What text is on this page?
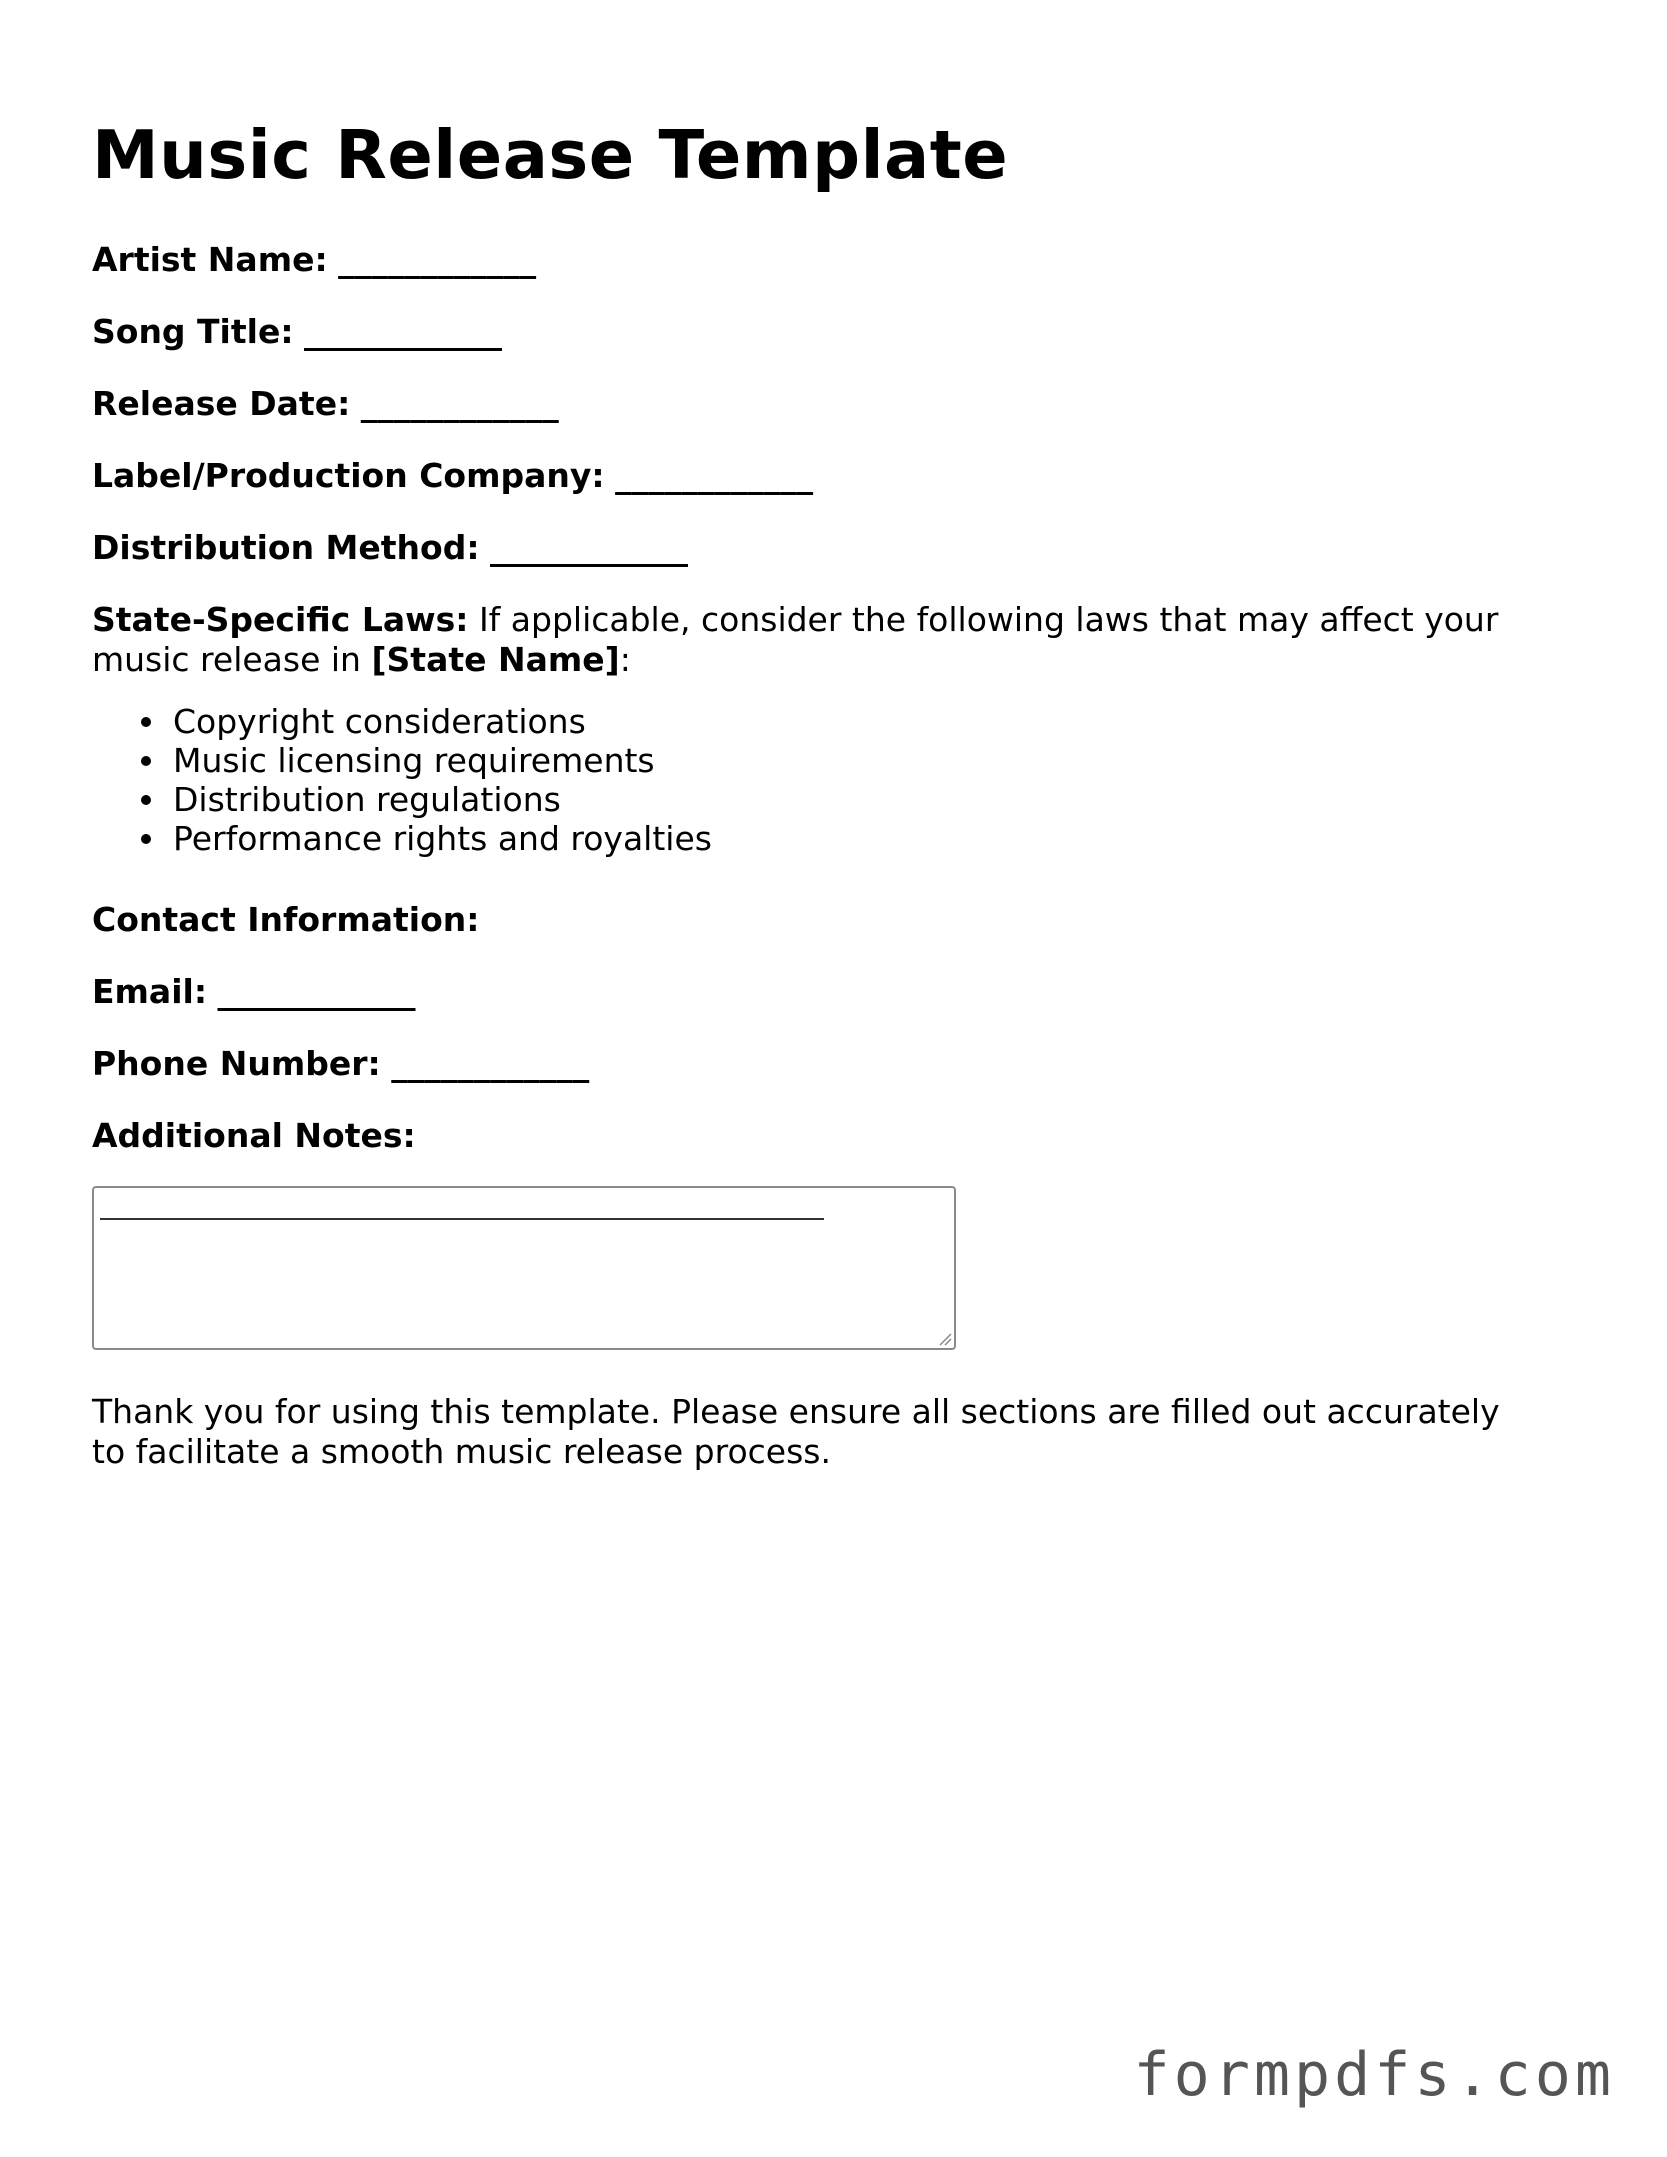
Music Release Template
Artist Name: ____________
Song Title: ____________
Release Date: ____________
Label/Production Company: ____________
Distribution Method: ____________

State-Specific Laws: If applicable, consider the following laws that may affect your music release in [State Name]:

Copyright considerations
Music licensing requirements
Distribution regulations
Performance rights and royalties
Contact Information:
Email: ____________
Phone Number: ____________
Additional Notes:

Thank you for using this template. Please ensure all sections are filled out accurately to facilitate a smooth music release process.

formpdfs.com
